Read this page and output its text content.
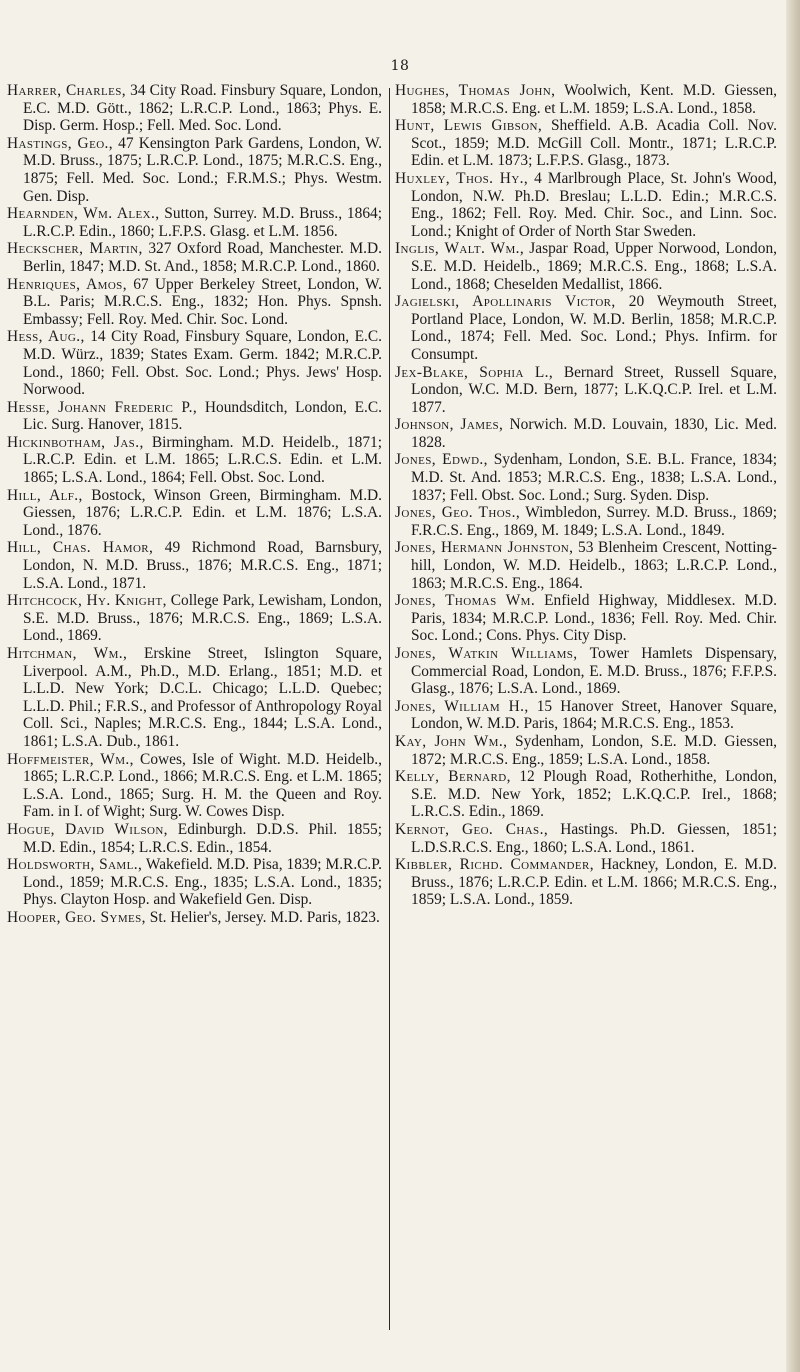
18

Harrer, Charles, 34 City Road. Finsbury Square, London, E.C. M.D. Gött., 1862; L.R.C.P. Lond., 1863; Phys. E. Disp. Germ. Hosp.; Fell. Med. Soc. Lond.

Hastings, Geo., 47 Kensington Park Gardens, London, W. M.D. Bruss., 1875; L.R.C.P. Lond., 1875; M.R.C.S. Eng., 1875; Fell. Med. Soc. Lond.; F.R.M.S.; Phys. Westm. Gen. Disp.

Hearnden, Wm. Alex., Sutton, Surrey. M.D. Bruss., 1864; L.R.C.P. Edin., 1860; L.F.P.S. Glasg. et L.M. 1856.

Heckscher, Martin, 327 Oxford Road, Manchester. M.D. Berlin, 1847; M.D. St. And., 1858; M.R.C.P. Lond., 1860.

Henriques, Amos, 67 Upper Berkeley Street, London, W. B.L. Paris; M.R.C.S. Eng., 1832; Hon. Phys. Spnsh. Embassy; Fell. Roy. Med. Chir. Soc. Lond.

Hess, Aug., 14 City Road, Finsbury Square, London, E.C. M.D. Würz., 1839; States Exam. Germ. 1842; M.R.C.P. Lond., 1860; Fell. Obst. Soc. Lond.; Phys. Jews' Hosp. Norwood.

Hesse, Johann Frederic P., Houndsditch, London, E.C. Lic. Surg. Hanover, 1815.

Hickinbotham, Jas., Birmingham. M.D. Heidelb., 1871; L.R.C.P. Edin. et L.M. 1865; L.R.C.S. Edin. et L.M. 1865; L.S.A. Lond., 1864; Fell. Obst. Soc. Lond.

Hill, Alf., Bostock, Winson Green, Birmingham. M.D. Giessen, 1876; L.R.C.P. Edin. et L.M. 1876; L.S.A. Lond., 1876.

Hill, Chas. Hamor, 49 Richmond Road, Barnsbury, London, N. M.D. Bruss., 1876; M.R.C.S. Eng., 1871; L.S.A. Lond., 1871.

Hitchcock, Hy. Knight, College Park, Lewisham, London, S.E. M.D. Bruss., 1876; M.R.C.S. Eng., 1869; L.S.A. Lond., 1869.

Hitchman, Wm., Erskine Street, Islington Square, Liverpool. A.M., Ph.D., M.D. Erlang., 1851; M.D. et L.L.D. New York; D.C.L. Chicago; L.L.D. Quebec; L.L.D. Phil.; F.R.S., and Professor of Anthropology Royal Coll. Sci., Naples; M.R.C.S. Eng., 1844; L.S.A. Lond., 1861; L.S.A. Dub., 1861.

Hoffmeister, Wm., Cowes, Isle of Wight. M.D. Heidelb., 1865; L.R.C.P. Lond., 1866; M.R.C.S. Eng. et L.M. 1865; L.S.A. Lond., 1865; Surg. H. M. the Queen and Roy. Fam. in I. of Wight; Surg. W. Cowes Disp.

Hogue, David Wilson, Edinburgh. D.D.S. Phil. 1855; M.D. Edin., 1854; L.R.C.S. Edin., 1854.

Holdsworth, Saml., Wakefield. M.D. Pisa, 1839; M.R.C.P. Lond., 1859; M.R.C.S. Eng., 1835; L.S.A. Lond., 1835; Phys. Clayton Hosp. and Wakefield Gen. Disp.

Hooper, Geo. Symes, St. Helier's, Jersey. M.D. Paris, 1823.

Hughes, Thomas John, Woolwich, Kent. M.D. Giessen, 1858; M.R.C.S. Eng. et L.M. 1859; L.S.A. Lond., 1858.

Hunt, Lewis Gibson, Sheffield. A.B. Acadia Coll. Nov. Scot., 1859; M.D. McGill Coll. Montr., 1871; L.R.C.P. Edin. et L.M. 1873; L.F.P.S. Glasg., 1873.

Huxley, Thos. Hy., 4 Marlbrough Place, St. John's Wood, London, N.W. Ph.D. Breslau; L.L.D. Edin.; M.R.C.S. Eng., 1862; Fell. Roy. Med. Chir. Soc., and Linn. Soc. Lond.; Knight of Order of North Star Sweden.

Inglis, Walt. Wm., Jaspar Road, Upper Norwood, London, S.E. M.D. Heidelb., 1869; M.R.C.S. Eng., 1868; L.S.A. Lond., 1868; Cheselden Medallist, 1866.

Jagielski, Apollinaris Victor, 20 Weymouth Street, Portland Place, London, W. M.D. Berlin, 1858; M.R.C.P. Lond., 1874; Fell. Med. Soc. Lond.; Phys. Infirm. for Consumpt.

Jex-Blake, Sophia L., Bernard Street, Russell Square, London, W.C. M.D. Bern, 1877; L.K.Q.C.P. Irel. et L.M. 1877.

Johnson, James, Norwich. M.D. Louvain, 1830, Lic. Med. 1828.

Jones, Edwd., Sydenham, London, S.E. B.L. France, 1834; M.D. St. And. 1853; M.R.C.S. Eng., 1838; L.S.A. Lond., 1837; Fell. Obst. Soc. Lond.; Surg. Syden. Disp.

Jones, Geo. Thos., Wimbledon, Surrey. M.D. Bruss., 1869; F.R.C.S. Eng., 1869, M. 1849; L.S.A. Lond., 1849.

Jones, Hermann Johnston, 53 Blenheim Crescent, Notting-hill, London, W. M.D. Heidelb., 1863; L.R.C.P. Lond., 1863; M.R.C.S. Eng., 1864.

Jones, Thomas Wm. Enfield Highway, Middlesex. M.D. Paris, 1834; M.R.C.P. Lond., 1836; Fell. Roy. Med. Chir. Soc. Lond.; Cons. Phys. City Disp.

Jones, Watkin Williams, Tower Hamlets Dispensary, Commercial Road, London, E. M.D. Bruss., 1876; F.F.P.S. Glasg., 1876; L.S.A. Lond., 1869.

Jones, William H., 15 Hanover Street, Hanover Square, London, W. M.D. Paris, 1864; M.R.C.S. Eng., 1853.

Kay, John Wm., Sydenham, London, S.E. M.D. Giessen, 1872; M.R.C.S. Eng., 1859; L.S.A. Lond., 1858.

Kelly, Bernard, 12 Plough Road, Rotherhithe, London, S.E. M.D. New York, 1852; L.K.Q.C.P. Irel., 1868; L.R.C.S. Edin., 1869.

Kernot, Geo. Chas., Hastings. Ph.D. Giessen, 1851; L.D.S.R.C.S. Eng., 1860; L.S.A. Lond., 1861.

Kibbler, Richd. Commander, Hackney, London, E. M.D. Bruss., 1876; L.R.C.P. Edin. et L.M. 1866; M.R.C.S. Eng., 1859; L.S.A. Lond., 1859.
